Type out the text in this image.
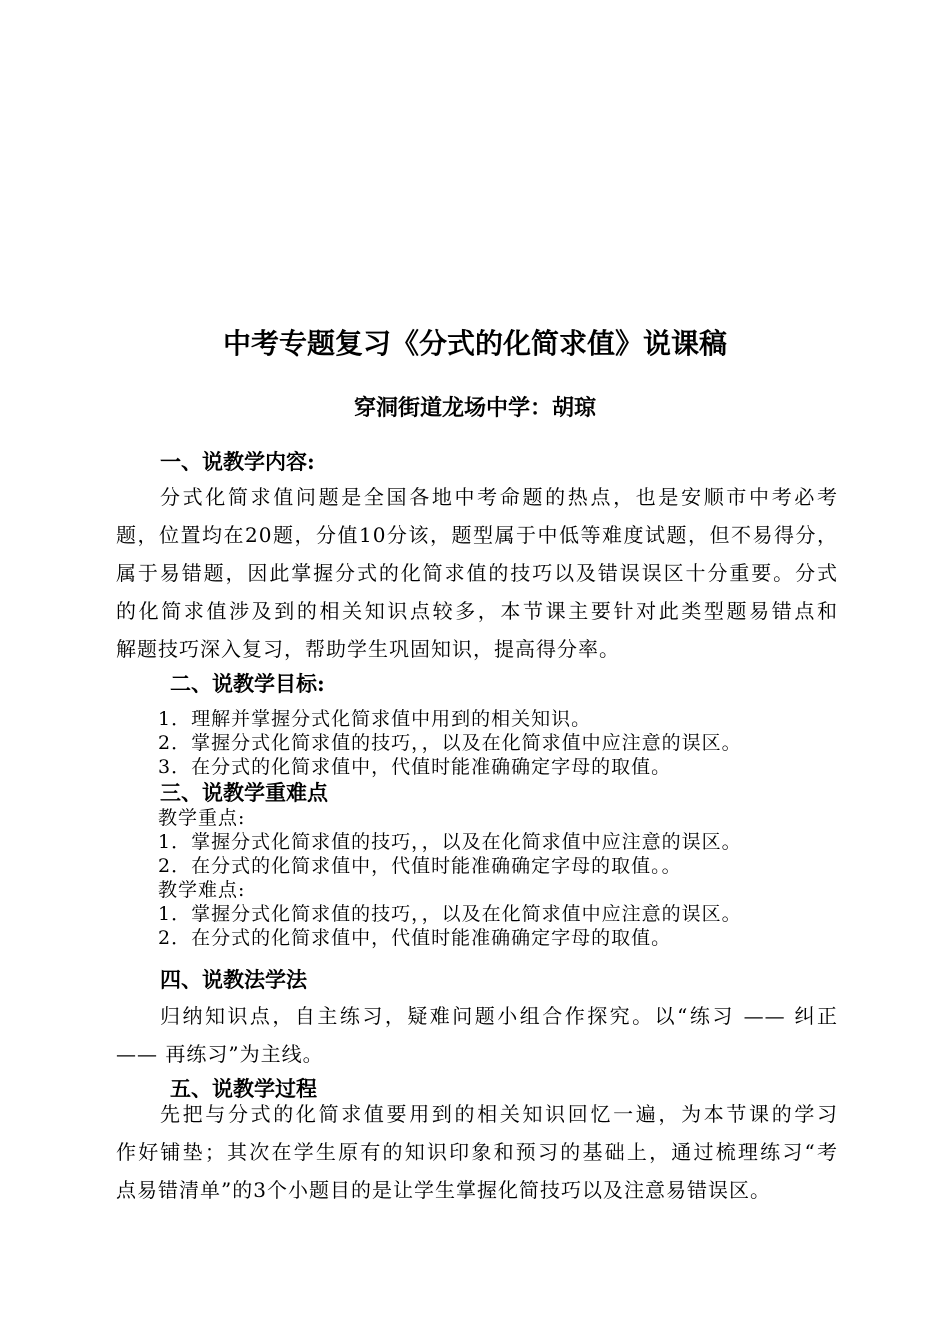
中考专题复习《分式的化简求值》说课稿
穿洞街道龙场中学：胡琼
一、说教学内容:

分式化简求值问题是全国各地中考命题的热点，也是安顺市中考必考

题，位置均在20题，分值10分该，题型属于中低等难度试题，但不易得分，

属于易错题，因此掌握分式的化简求值的技巧以及错误误区十分重要。分式

的化简求值涉及到的相关知识点较多，本节课主要针对此类型题易错点和

解题技巧深入复习，帮助学生巩固知识，提高得分率。

二、说教学目标:
1．理解并掌握分式化简求值中用到的相关知识。
2．掌握分式化简求值的技巧，，以及在化简求值中应注意的误区。
3．在分式的化简求值中，代值时能准确确定字母的取值。
三、说教学重难点
教学重点:
1．掌握分式化简求值的技巧，，以及在化简求值中应注意的误区。
2．在分式的化简求值中，代值时能准确确定字母的取值。。
教学难点:
1．掌握分式化简求值的技巧，，以及在化简求值中应注意的误区。
2．在分式的化简求值中，代值时能准确确定字母的取值。
四、说教法学法

归纳知识点，自主练习，疑难问题小组合作探究。以“练习 —— 纠正

—— 再练习”为主线。

五、说教学过程

先把与分式的化简求值要用到的相关知识回忆一遍，为本节课的学习

作好铺垫；其次在学生原有的知识印象和预习的基础上，通过梳理练习“考

点易错清单”的3个小题目的是让学生掌握化简技巧以及注意易错误区。
